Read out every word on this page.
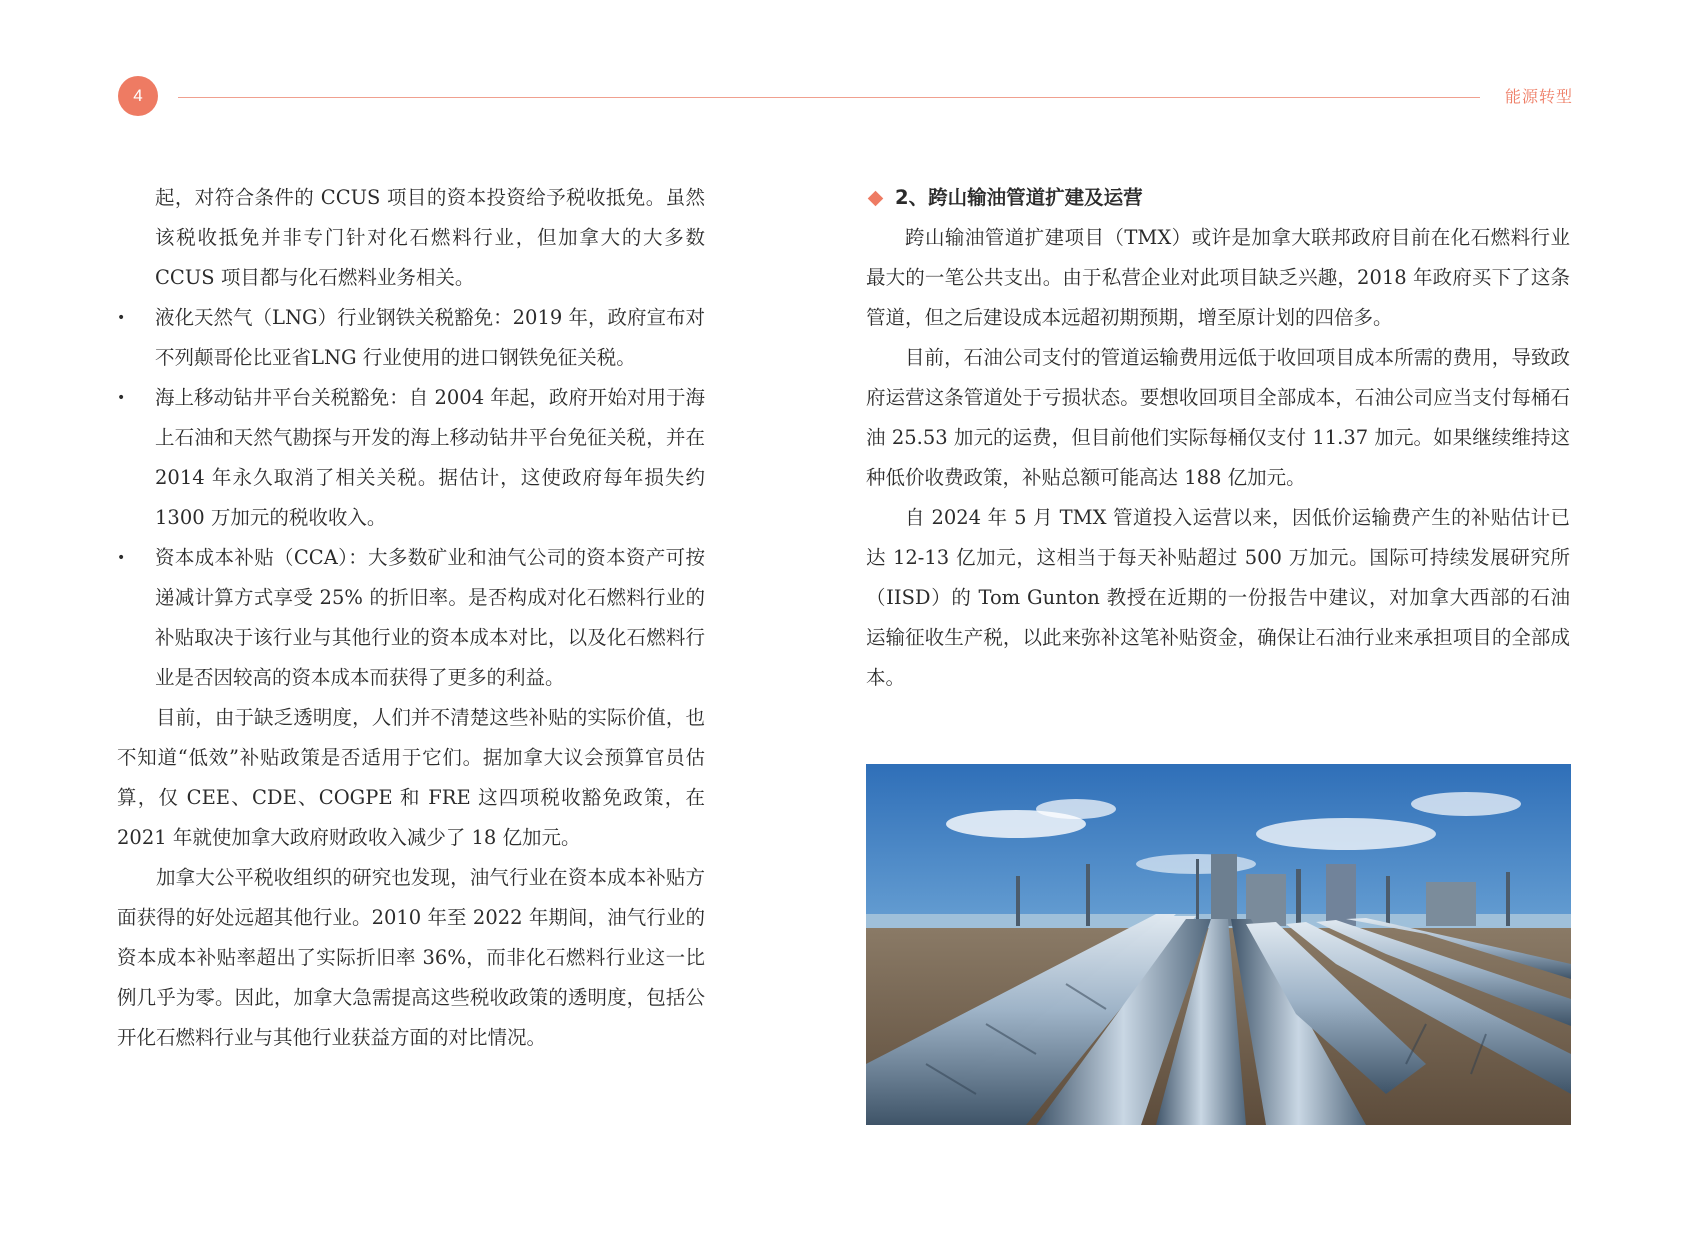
4	能源转型

起，对符合条件的 CCUS 项目的资本投资给予税收抵免。虽然该税收抵免并非专门针对化石燃料行业，但加拿大的大多数 CCUS 项目都与化石燃料业务相关。

• 液化天然气（LNG）行业钢铁关税豁免：2019 年，政府宣布对不列颠哥伦比亚省LNG 行业使用的进口钢铁免征关税。
• 海上移动钻井平台关税豁免：自 2004 年起，政府开始对用于海上石油和天然气勘探与开发的海上移动钻井平台免征关税，并在 2014 年永久取消了相关关税。据估计，这使政府每年损失约 1300 万加元的税收收入。
• 资本成本补贴（CCA）：大多数矿业和油气公司的资本资产可按递减计算方式享受 25% 的折旧率。是否构成对化石燃料行业的补贴取决于该行业与其他行业的资本成本对比，以及化石燃料行业是否因较高的资本成本而获得了更多的利益。

目前，由于缺乏透明度，人们并不清楚这些补贴的实际价值，也不知道“低效”补贴政策是否适用于它们。据加拿大议会预算官员估算，仅 CEE、CDE、COGPE 和 FRE 这四项税收豁免政策，在 2021 年就使加拿大政府财政收入减少了 18 亿加元。

加拿大公平税收组织的研究也发现，油气行业在资本成本补贴方面获得的好处远超其他行业。2010 年至 2022 年期间，油气行业的资本成本补贴率超出了实际折旧率 36%，而非化石燃料行业这一比例几乎为零。因此，加拿大急需提高这些税收政策的透明度，包括公开化石燃料行业与其他行业获益方面的对比情况。

2、跨山输油管道扩建及运营

跨山输油管道扩建项目（TMX）或许是加拿大联邦政府目前在化石燃料行业最大的一笔公共支出。由于私营企业对此项目缺乏兴趣，2018 年政府买下了这条管道，但之后建设成本远超初期预期，增至原计划的四倍多。

目前，石油公司支付的管道运输费用远低于收回项目成本所需的费用，导致政府运营这条管道处于亏损状态。要想收回项目全部成本，石油公司应当支付每桶石油 25.53 加元的运费，但目前他们实际每桶仅支付 11.37 加元。如果继续维持这种低价收费政策，补贴总额可能高达 188 亿加元。

自 2024 年 5 月 TMX 管道投入运营以来，因低价运输费产生的补贴估计已达 12-13 亿加元，这相当于每天补贴超过 500 万加元。国际可持续发展研究所（IISD）的 Tom Gunton 教授在近期的一份报告中建议，对加拿大西部的石油运输征收生产税，以此来弥补这笔补贴资金，确保让石油行业来承担项目的全部成本。
